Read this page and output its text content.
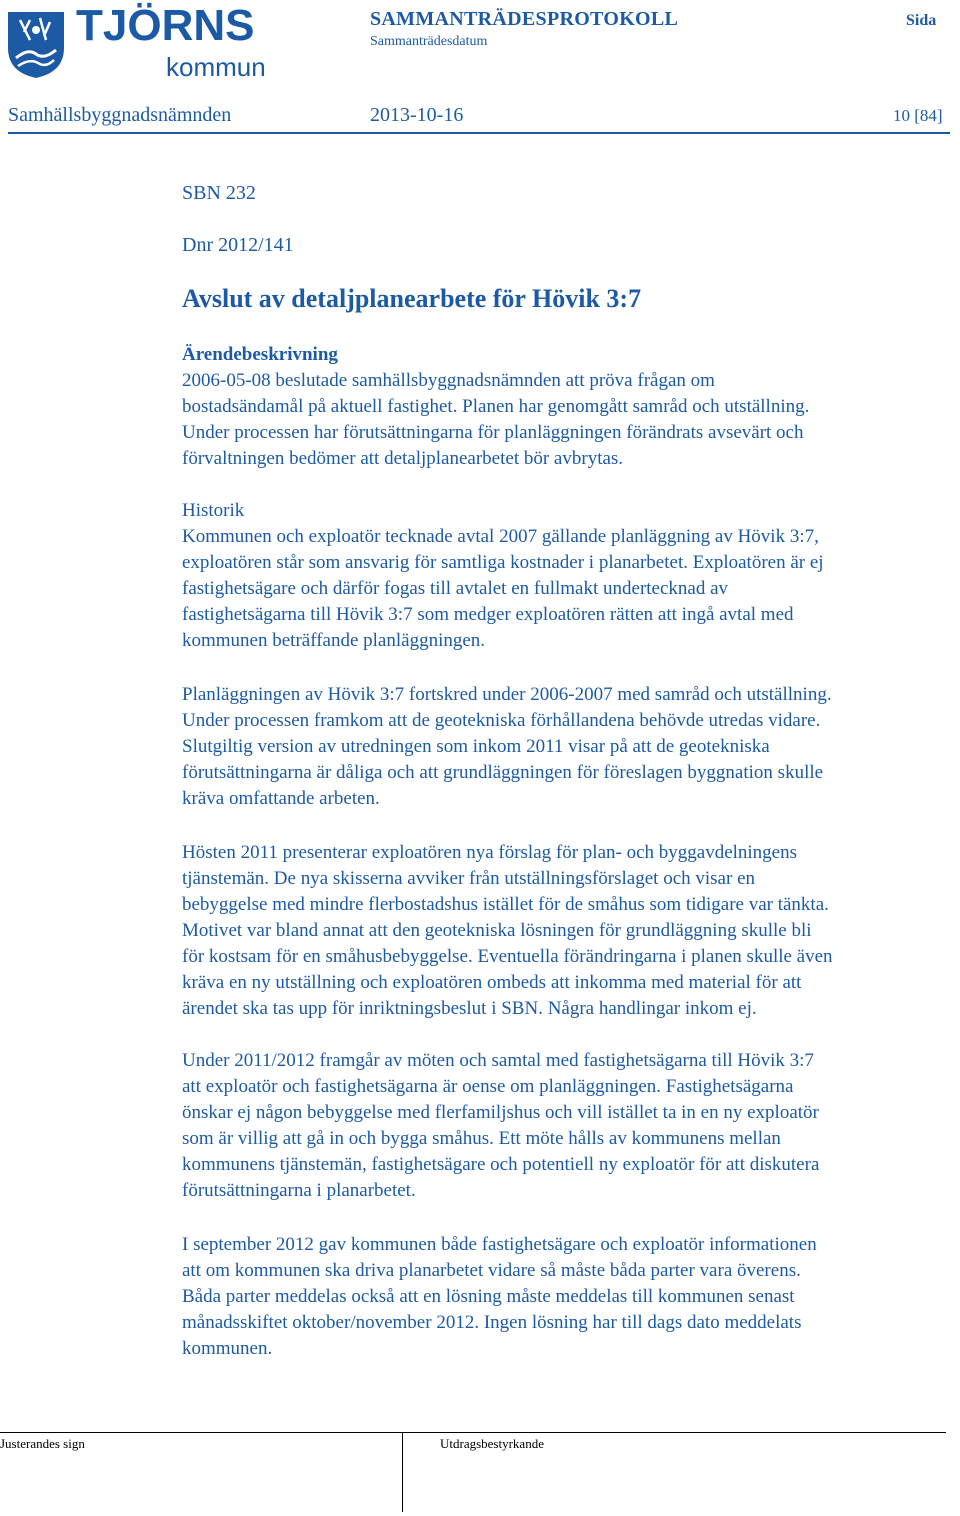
TJÖRNS
kommun
SAMMANTRÄDESPROTOKOLL
Sammanträdesdatum
Sida
Samhällsbyggnadsnämnden	2013-10-16	10 [84]
SBN 232
Dnr 2012/141
Avslut av detaljplanearbete för Hövik 3:7

Ärendebeskrivning

2006-05-08 beslutade samhällsbyggnadsnämnden att pröva frågan om

bostadsändamål på aktuell fastighet. Planen har genomgått samråd och utställning.

Under processen har förutsättningarna för planläggningen förändrats avsevärt och

förvaltningen bedömer att detaljplanearbetet bör avbrytas.

Historik

Kommunen och exploatör tecknade avtal 2007 gällande planläggning av Hövik 3:7,

exploatören står som ansvarig för samtliga kostnader i planarbetet. Exploatören är ej

fastighetsägare och därför fogas till avtalet en fullmakt undertecknad av

fastighetsägarna till Hövik 3:7 som medger exploatören rätten att ingå avtal med

kommunen beträffande planläggningen.

Planläggningen av Hövik 3:7 fortskred under 2006-2007 med samråd och utställning.

Under processen framkom att de geotekniska förhållandena behövde utredas vidare.

Slutgiltig version av utredningen som inkom 2011 visar på att de geotekniska

förutsättningarna är dåliga och att grundläggningen för föreslagen byggnation skulle

kräva omfattande arbeten.

Hösten 2011 presenterar exploatören nya förslag för plan- och byggavdelningens

tjänstemän. De nya skisserna avviker från utställningsförslaget och visar en

bebyggelse med mindre flerbostadshus istället för de småhus som tidigare var tänkta.

Motivet var bland annat att den geotekniska lösningen för grundläggning skulle bli

för kostsam för en småhusbebyggelse. Eventuella förändringarna i planen skulle även

kräva en ny utställning och exploatören ombeds att inkomma med material för att

ärendet ska tas upp för inriktningsbeslut i SBN. Några handlingar inkom ej.

Under 2011/2012 framgår av möten och samtal med fastighetsägarna till Hövik 3:7

att exploatör och fastighetsägarna är oense om planläggningen. Fastighetsägarna

önskar ej någon bebyggelse med flerfamiljshus och vill istället ta in en ny exploatör

som är villig att gå in och bygga småhus. Ett möte hålls av kommunens mellan

kommunens tjänstemän, fastighetsägare och potentiell ny exploatör för att diskutera

förutsättningarna i planarbetet.

I september 2012 gav kommunen både fastighetsägare och exploatör informationen

att om kommunen ska driva planarbetet vidare så måste båda parter vara överens.

Båda parter meddelas också att en lösning måste meddelas till kommunen senast

månadsskiftet oktober/november 2012. Ingen lösning har till dags dato meddelats

kommunen.

Justerandes sign	Utdragsbestyrkande
